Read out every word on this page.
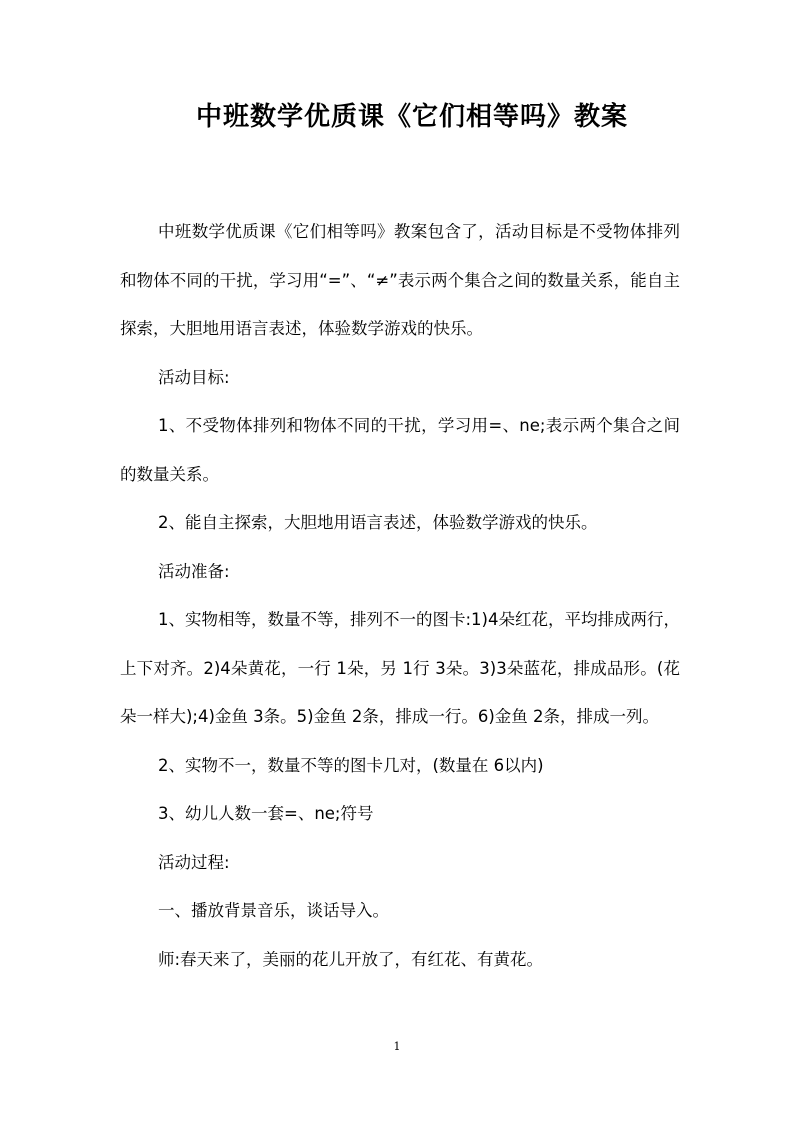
中班数学优质课《它们相等吗》教案

中班数学优质课《它们相等吗》教案包含了，活动目标是不受物体排列和物体不同的干扰，学习用“=”、“≠”表示两个集合之间的数量关系，能自主探索，大胆地用语言表述，体验数学游戏的快乐。

活动目标:

1、不受物体排列和物体不同的干扰，学习用=、ne;表示两个集合之间的数量关系。

2、能自主探索，大胆地用语言表述，体验数学游戏的快乐。

活动准备:

1、实物相等，数量不等，排列不一的图卡:1)4朵红花，平均排成两行，上下对齐。2)4朵黄花，一行 1朵，另 1行 3朵。3)3朵蓝花，排成品形。(花朵一样大);4)金鱼 3条。5)金鱼 2条，排成一行。6)金鱼 2条，排成一列。

2、实物不一，数量不等的图卡几对，(数量在 6以内)

3、幼儿人数一套=、ne;符号

活动过程:

一、播放背景音乐，谈话导入。

师:春天来了，美丽的花儿开放了，有红花、有黄花。

1
